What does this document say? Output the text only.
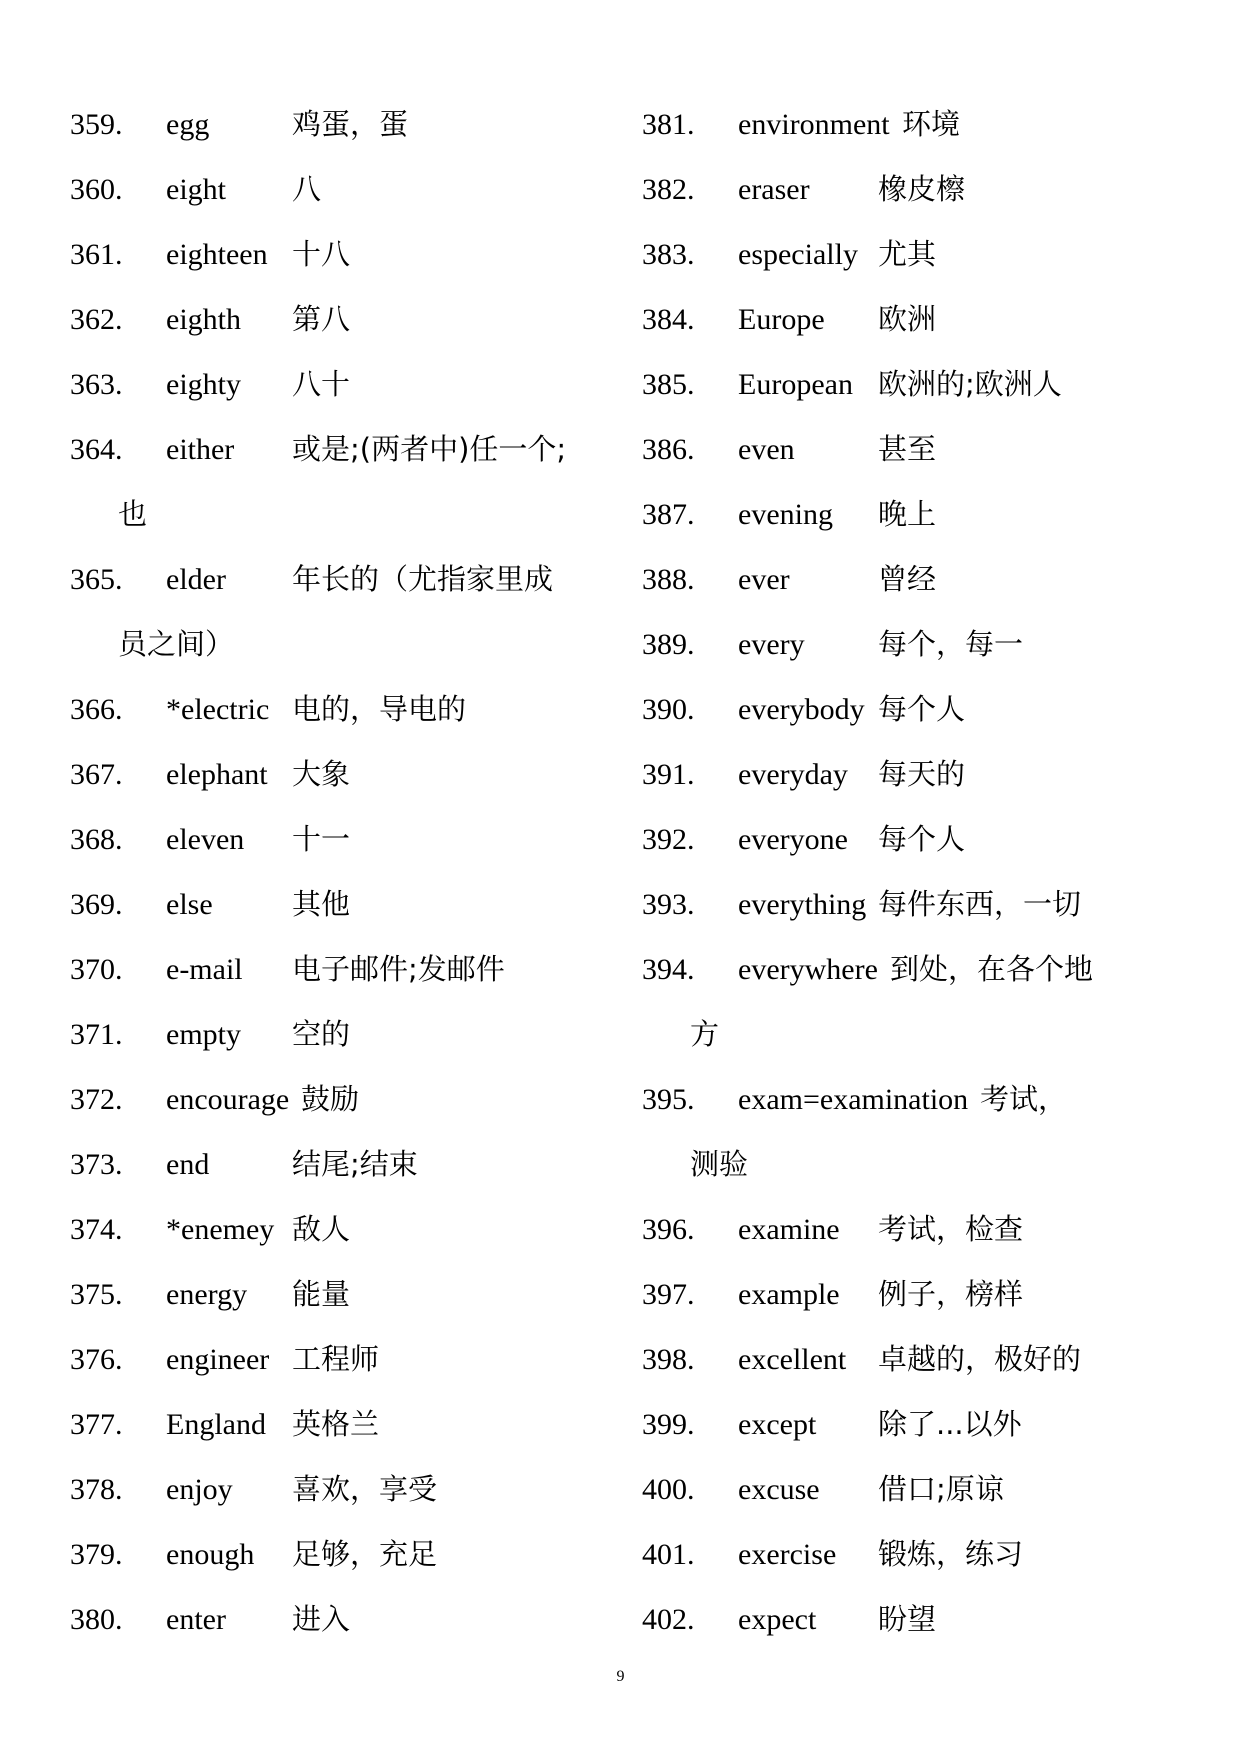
359. egg	鸡蛋，蛋
360. eight 八
361. eighteen 十八
362. eighth 第八
363. eighty 八十
364. either 或是;(两者中)任一个;
也
365. elder 年长的（尤指家里成
员之间）
366. *electric 电的，导电的
367. elephant 大象
368. eleven 十一
369. else	其他
370. e-mail 电子邮件;发邮件
371. empty 空的
372. encourage 鼓励
373. end	结尾;结束
374. *enemey 敌人
375. energy 能量
376. engineer 工程师
377. England 英格兰
378. enjoy 喜欢，享受
379. enough 足够，充足
380. enter 进入
381. environment 环境
382. eraser 橡皮檫
383. especially 尤其
384. Europe 欧洲
385. European 欧洲的;欧洲人
386. even	甚至
387. evening 晚上
388. ever	曾经
389. every	每个，每一
390. everybody 每个人
391. everyday 每天的
392. everyone 每个人
393. everything 每件东西，一切
394. everywhere 到处，在各个地
方
395. exam=examination 考试，
测验
396. examine 考试，检查
397. example 例子，榜样
398. excellent 卓越的，极好的
399. except 除了...以外
400. excuse 借口;原谅
401. exercise 锻炼，练习
402. expect 盼望
9
